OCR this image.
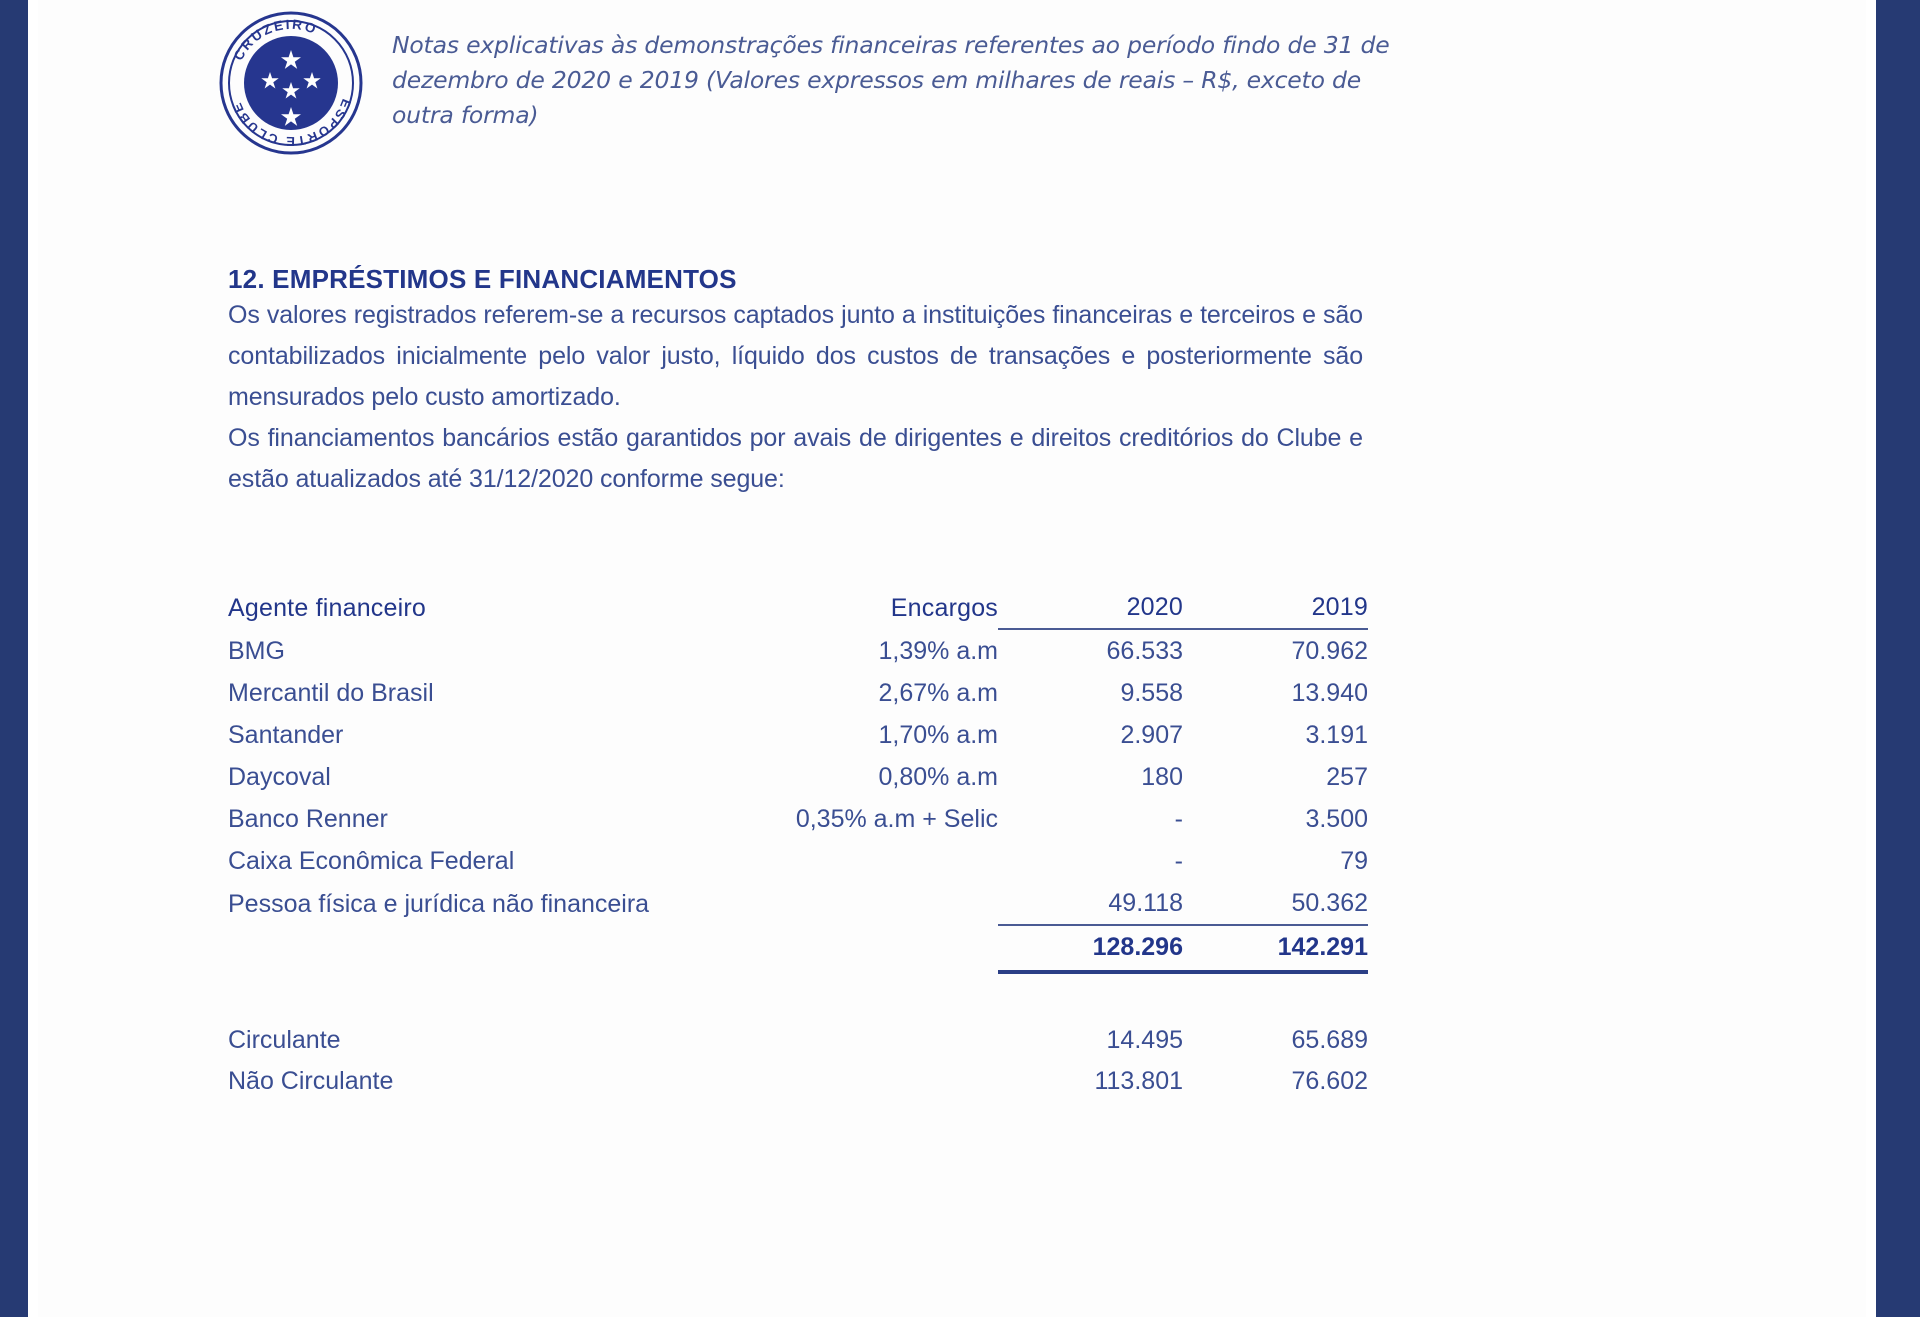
CRUZEIRO
ESPORTE CLUBE
Notas explicativas às demonstrações financeiras referentes ao período findo de 31 de
dezembro de 2020 e 2019 (Valores expressos em milhares de reais – R$, exceto de
outra forma)
12. EMPRÉSTIMOS E FINANCIAMENTOS

Os valores registrados referem-se a recursos captados junto a instituições financeiras e terceiros e são contabilizados inicialmente pelo valor justo, líquido dos custos de transações e posteriormente são mensurados pelo custo amortizado.

Os financiamentos bancários estão garantidos por avais de dirigentes e direitos creditórios do Clube e estão atualizados até 31/12/2020 conforme segue:

Agente financeiro	Encargos	2020	2019
BMG	1,39% a.m	66.533	70.962
Mercantil do Brasil	2,67% a.m	9.558	13.940
Santander	1,70% a.m	2.907	3.191
Daycoval	0,80% a.m	180	257
Banco Renner	0,35% a.m + Selic	-	3.500
Caixa Econômica Federal		-	79
Pessoa física e jurídica não financeira		49.118	50.362
		128.296	142.291

Circulante		14.495	65.689
Não Circulante		113.801	76.602
